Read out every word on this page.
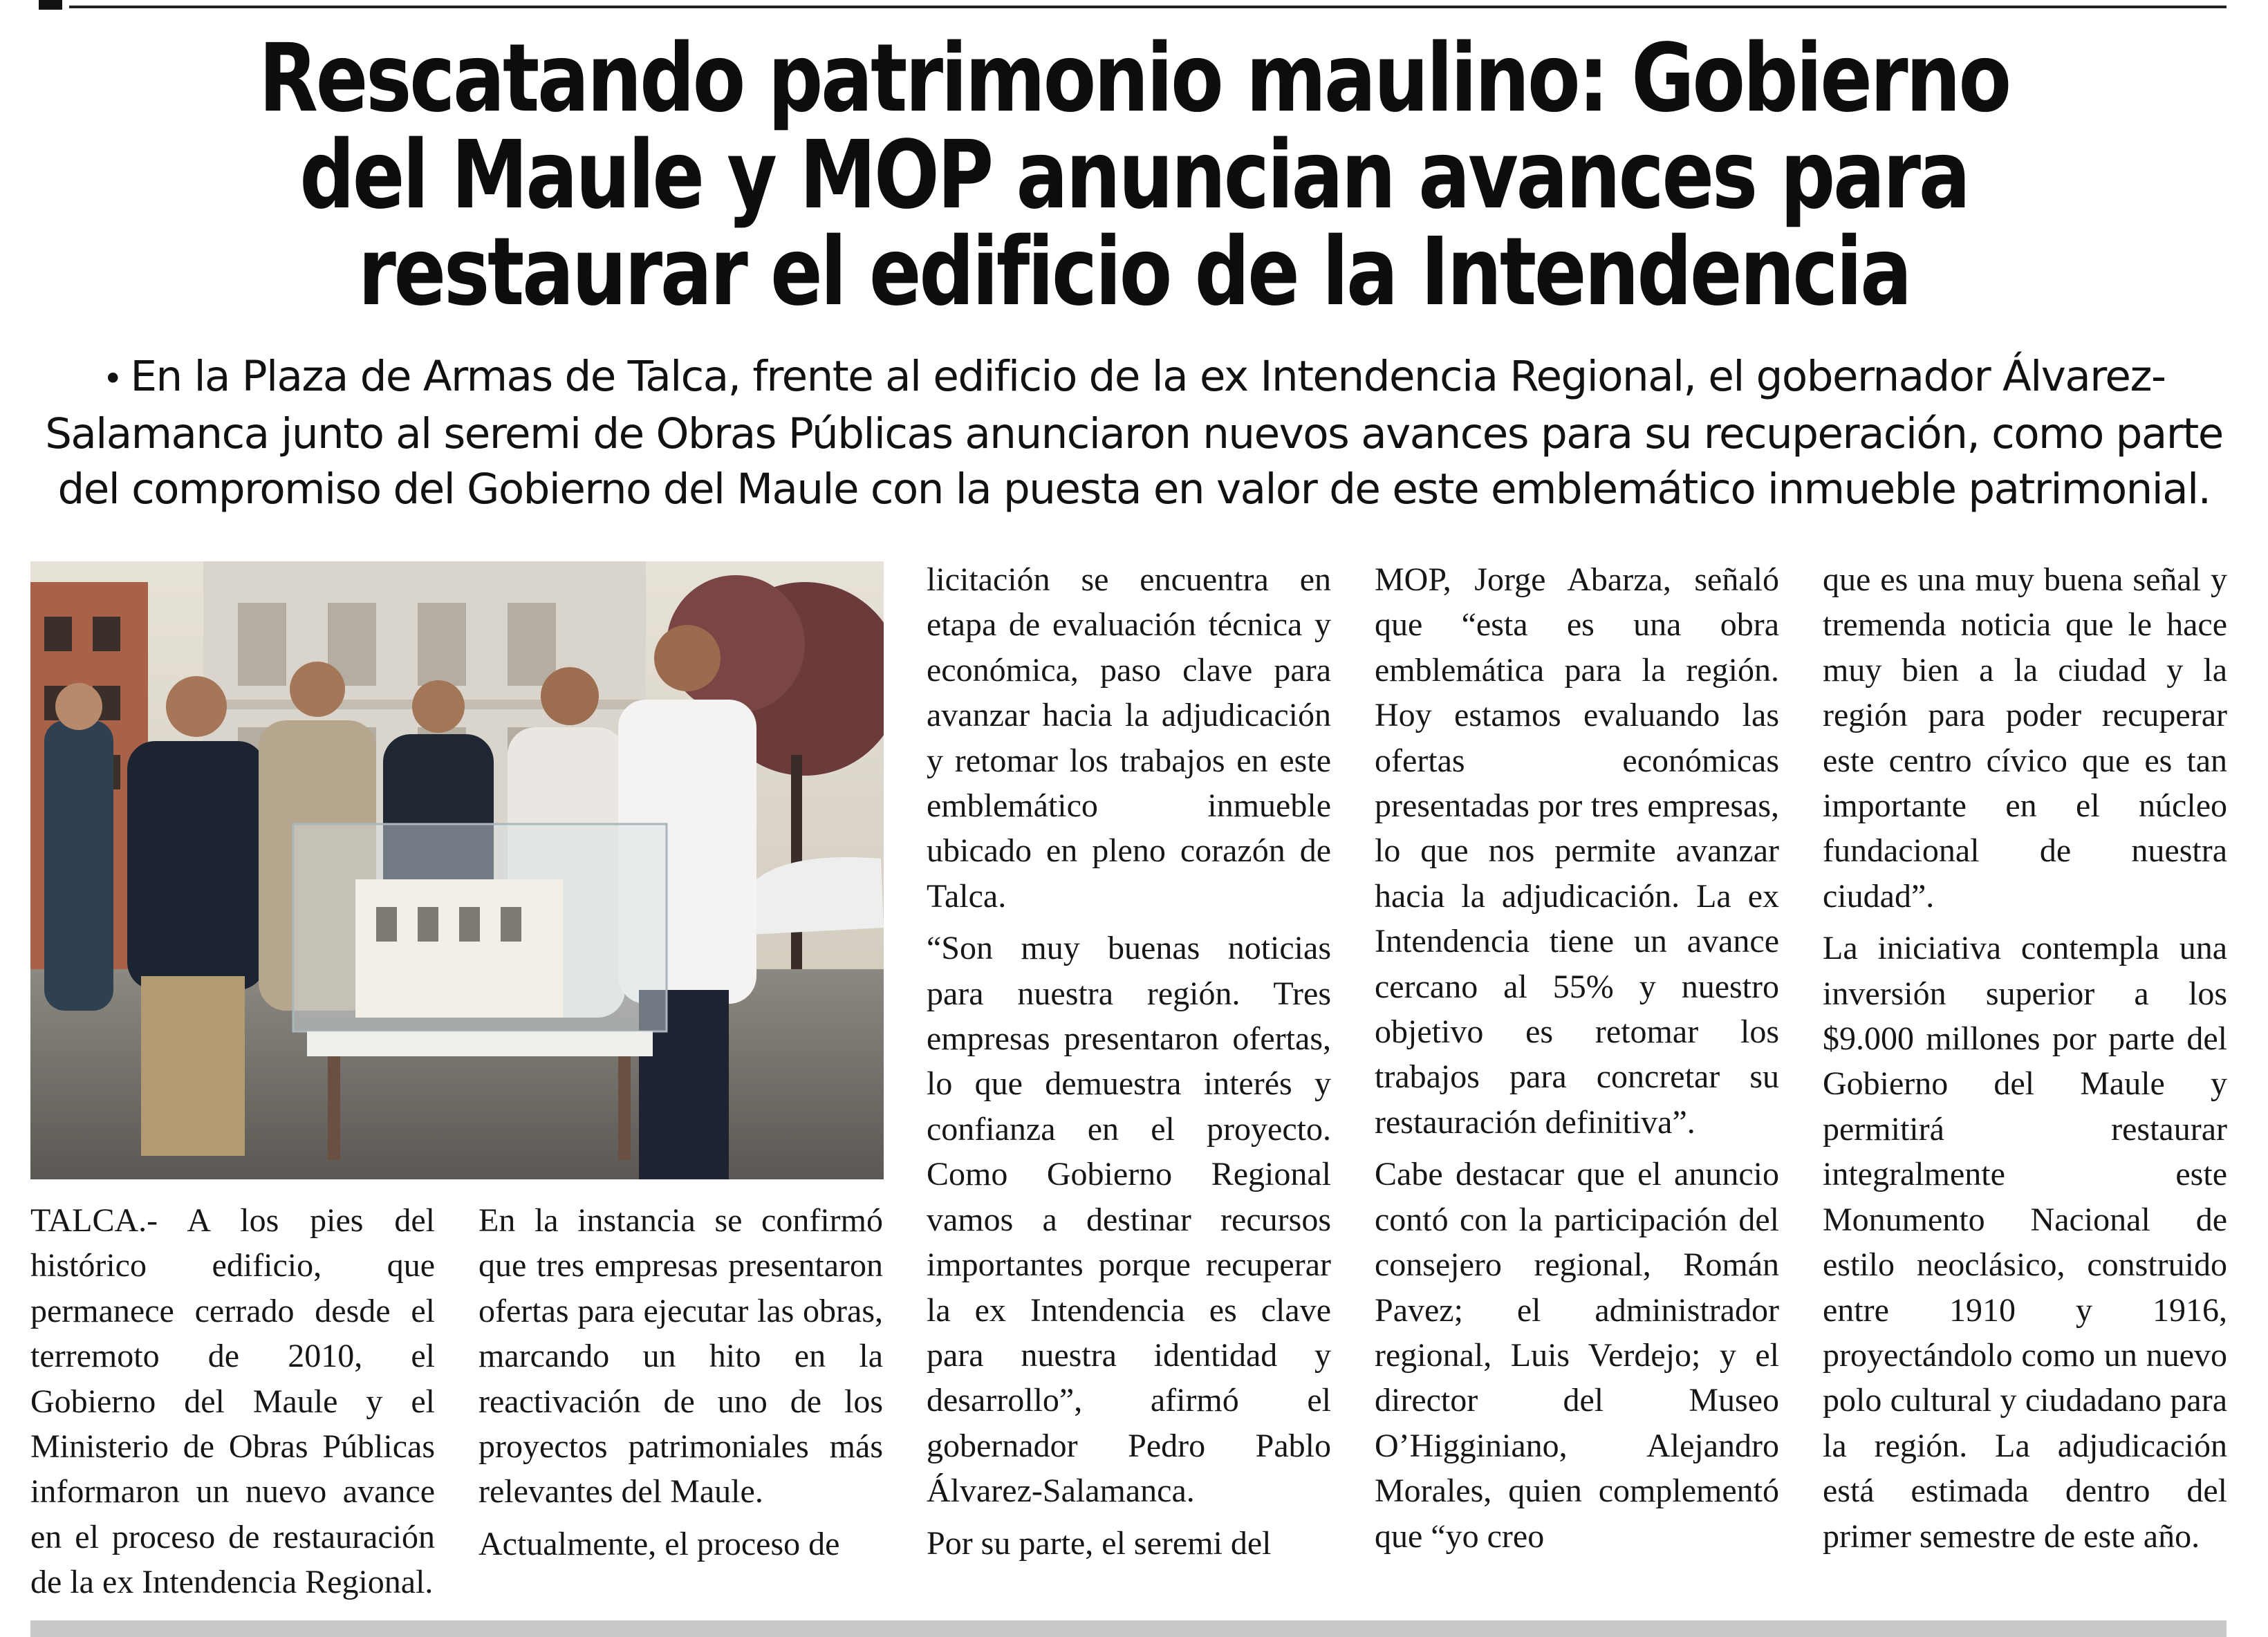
Rescatando patrimonio maulino: Gobierno del Maule y MOP anuncian avances para restaurar el edificio de la Intendencia

• En la Plaza de Armas de Talca, frente al edificio de la ex Intendencia Regional, el gobernador Álvarez-Salamanca junto al seremi de Obras Públicas anunciaron nuevos avances para su recuperación, como parte del compromiso del Gobierno del Maule con la puesta en valor de este emblemático inmueble patrimonial.

TALCA.- A los pies del histórico edificio, que permanece cerrado desde el terremoto de 2010, el Gobierno del Maule y el Ministerio de Obras Públicas informaron un nuevo avance en el proceso de restauración de la ex Intendencia Regional.

En la instancia se confirmó que tres empresas presentaron ofertas para ejecutar las obras, marcando un hito en la reactivación de uno de los proyectos patrimoniales más relevantes del Maule.

Actualmente, el proceso de

licitación se encuentra en etapa de evaluación técnica y económica, paso clave para avanzar hacia la adjudicación y retomar los trabajos en este emblemático inmueble ubicado en pleno corazón de Talca.

“Son muy buenas noticias para nuestra región. Tres empresas presentaron ofertas, lo que demuestra interés y confianza en el proyecto. Como Gobierno Regional vamos a destinar recursos importantes porque recuperar la ex Intendencia es clave para nuestra identidad y desarrollo”, afirmó el gobernador Pedro Pablo Álvarez-Salamanca.

Por su parte, el seremi del

MOP, Jorge Abarza, señaló que “esta es una obra emblemática para la región. Hoy estamos evaluando las ofertas económicas presentadas por tres empresas, lo que nos permite avanzar hacia la adjudicación. La ex Intendencia tiene un avance cercano al 55% y nuestro objetivo es retomar los trabajos para concretar su restauración definitiva”.

Cabe destacar que el anuncio contó con la participación del consejero regional, Román Pavez; el administrador regional, Luis Verdejo; y el director del Museo O’Higginiano, Alejandro Morales, quien complementó que “yo creo

que es una muy buena señal y tremenda noticia que le hace muy bien a la ciudad y la región para poder recuperar este centro cívico que es tan importante en el núcleo fundacional de nuestra ciudad”.

La iniciativa contempla una inversión superior a los $9.000 millones por parte del Gobierno del Maule y permitirá restaurar integralmente este Monumento Nacional de estilo neoclásico, construido entre 1910 y 1916, proyectándolo como un nuevo polo cultural y ciudadano para la región. La adjudicación está estimada dentro del primer semestre de este año.
